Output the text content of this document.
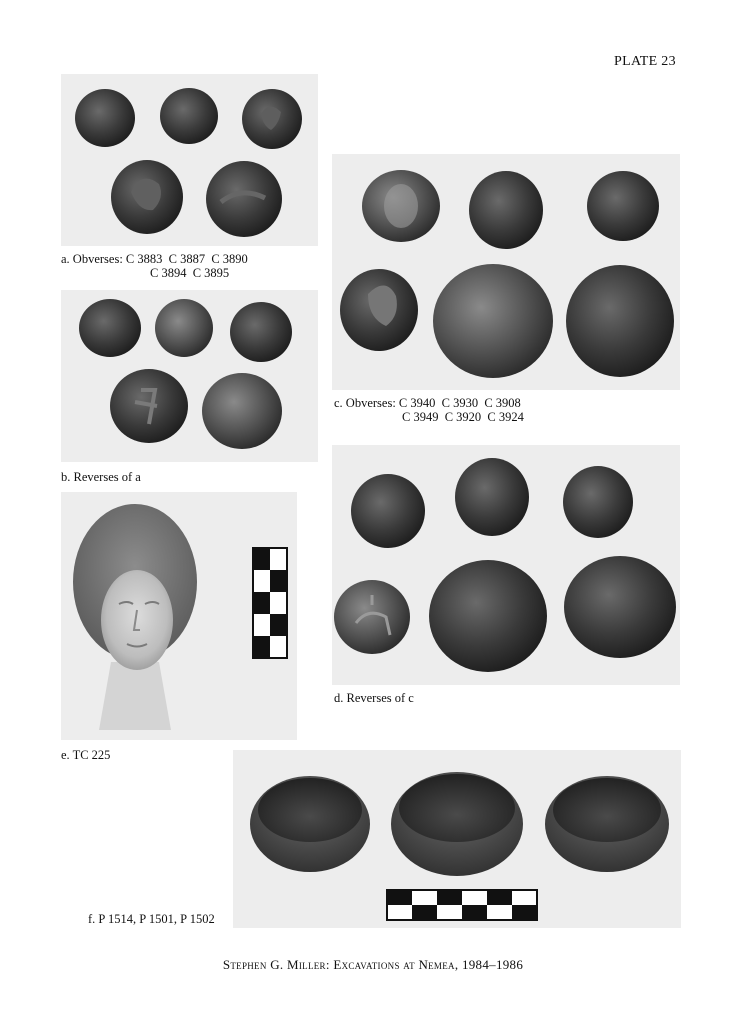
PLATE 23
a. Obverses: C 3883  C 3887  C 3890
C 3894  C 3895
b. Reverses of a
c. Obverses: C 3940  C 3930  C 3908
C 3949  C 3920  C 3924
d. Reverses of c
e. TC 225
f. P 1514, P 1501, P 1502
Stephen G. Miller: Excavations at Nemea, 1984–1986
